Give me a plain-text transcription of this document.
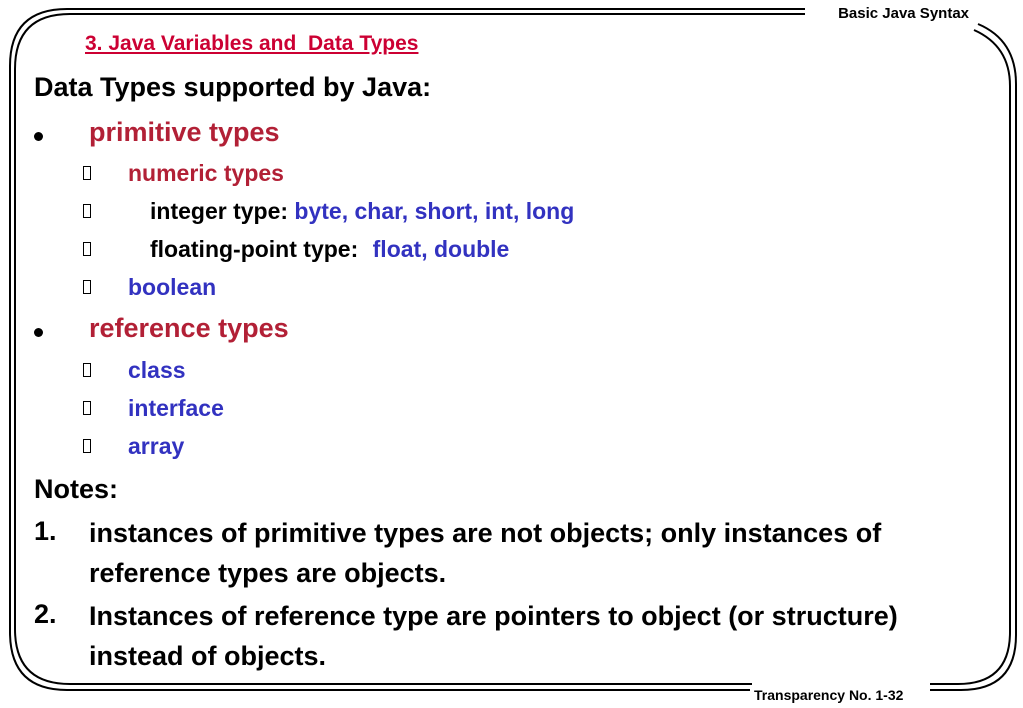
Basic Java Syntax
Transparency No. 1-32
3. Java Variables and  Data Types
Data Types supported by Java:
primitive types
numeric types
integer type: byte, char, short, int, long
floating-point type: float, double
boolean
reference types
class
interface
array
Notes:
1. instances of primitive types are not objects; only instances of reference types are objects.
2. Instances of reference type are pointers to object (or structure) instead of objects.
